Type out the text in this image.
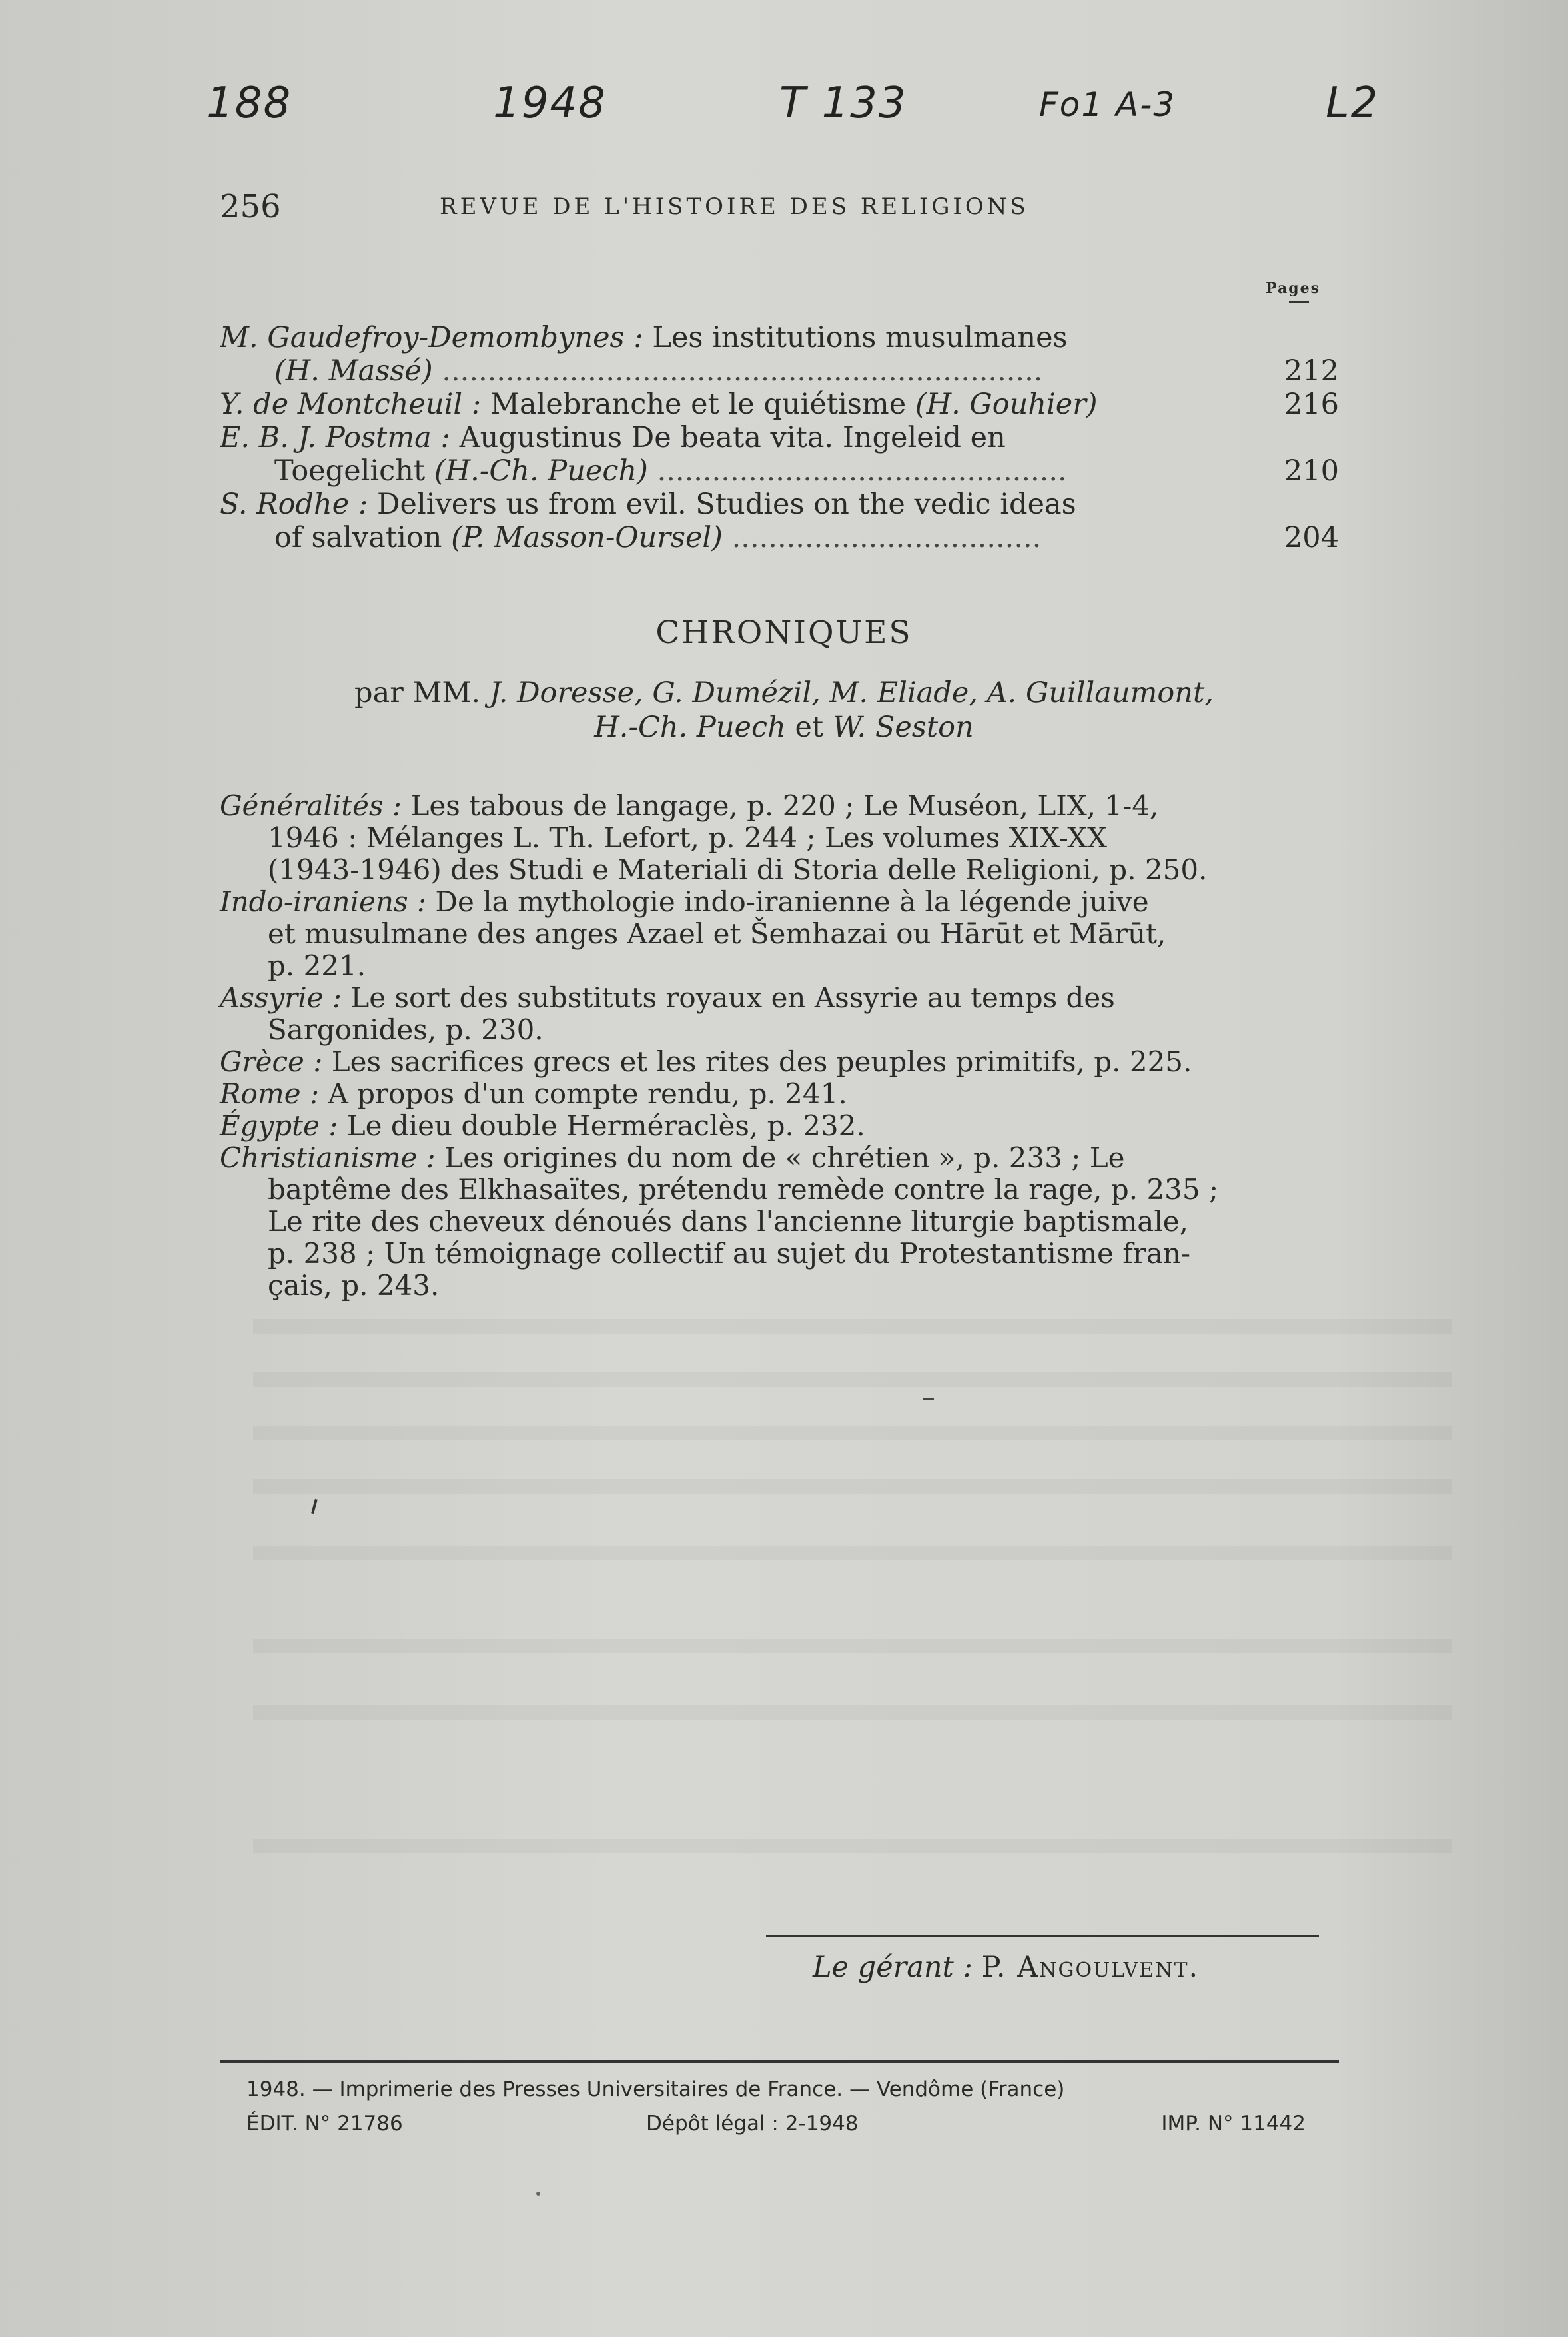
188	1948	T 133	Fo1 A-3	L2
256	REVUE DE L'HISTOIRE DES RELIGIONS
Pages
M. Gaudefroy-Demombynes : Les institutions musulmanes
(H. Massé) ..................................................................	212
Y. de Montcheuil : Malebranche et le quiétisme (H. Gouhier)	216
E. B. J. Postma : Augustinus De beata vita. Ingeleid en
Toegelicht (H.-Ch. Puech) .............................................	210
S. Rodhe : Delivers us from evil. Studies on the vedic ideas
of salvation (P. Masson-Oursel) ..................................	204
CHRONIQUES
par MM. J. Doresse, G. Dumézil, M. Eliade, A. Guillaumont,
H.-Ch. Puech et W. Seston
Généralités : Les tabous de langage, p. 220 ; Le Muséon, LIX, 1-4,
1946 : Mélanges L. Th. Lefort, p. 244 ; Les volumes XIX-XX
(1943-1946) des Studi e Materiali di Storia delle Religioni, p. 250.
Indo-iraniens : De la mythologie indo-iranienne à la légende juive
et musulmane des anges Azael et Šemhazai ou Hārūt et Mārūt,
p. 221.
Assyrie : Le sort des substituts royaux en Assyrie au temps des
Sargonides, p. 230.
Grèce : Les sacrifices grecs et les rites des peuples primitifs, p. 225.
Rome : A propos d'un compte rendu, p. 241.
Égypte : Le dieu double Herméraclès, p. 232.
Christianisme : Les origines du nom de « chrétien », p. 233 ; Le
baptême des Elkhasaïtes, prétendu remède contre la rage, p. 235 ;
Le rite des cheveux dénoués dans l'ancienne liturgie baptismale,
p. 238 ; Un témoignage collectif au sujet du Protestantisme fran-
çais, p. 243.
Le gérant : P. Angoulvent.
1948. — Imprimerie des Presses Universitaires de France. — Vendôme (France)
ÉDIT. N° 21786	Dépôt légal : 2-1948	IMP. N° 11442
